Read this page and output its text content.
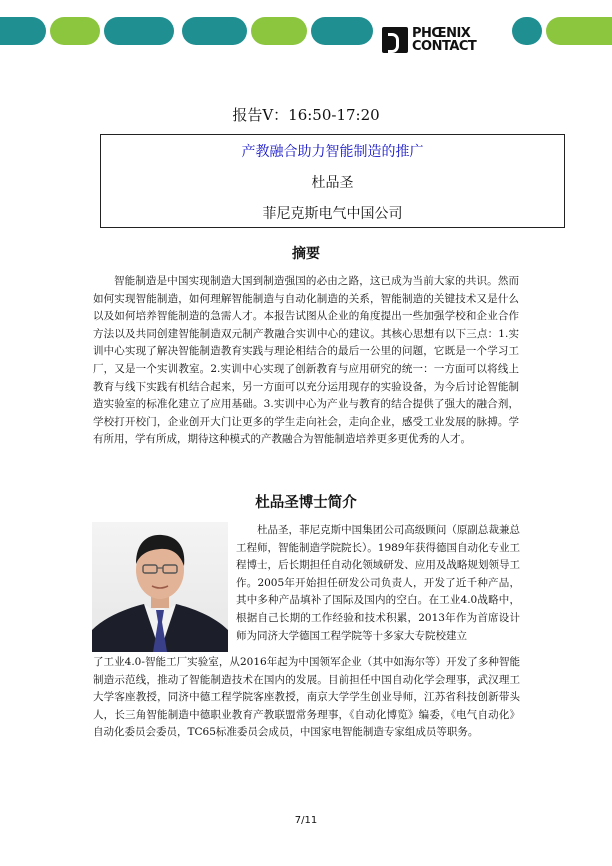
PHŒNIX
CONTACT
报告Ⅴ：16:50-17:20
产教融合助力智能制造的推广
杜品圣
菲尼克斯电气中国公司
摘要

智能制造是中国实现制造大国到制造强国的必由之路，这已成为当前大家的共识。然而如何实现智能制造，如何理解智能制造与自动化制造的关系，智能制造的关键技术又是什么以及如何培养智能制造的急需人才。本报告试图从企业的角度提出一些加强学校和企业合作方法以及共同创建智能制造双元制产教融合实训中心的建议。其核心思想有以下三点：1.实训中心实现了解决智能制造教育实践与理论相结合的最后一公里的问题，它既是一个学习工厂，又是一个实训教室。2.实训中心实现了创新教育与应用研究的统一：一方面可以将线上教育与线下实践有机结合起来，另一方面可以充分运用现存的实验设备，为今后讨论智能制造实验室的标准化建立了应用基础。3.实训中心为产业与教育的结合提供了强大的融合剂，学校打开校门，企业创开大门让更多的学生走向社会，走向企业，感受工业发展的脉搏。学有所用，学有所成，期待这种模式的产教融合为智能制造培养更多更优秀的人才。

杜品圣博士简介

杜品圣，菲尼克斯中国集团公司高级顾问（原副总裁兼总工程师，智能制造学院院长）。1989年获得德国自动化专业工程博士，后长期担任自动化领域研发、应用及战略规划领导工作。2005年开始担任研发公司负责人，开发了近千种产品，其中多种产品填补了国际及国内的空白。在工业4.0战略中，根据自己长期的工作经验和技术积累，2013年作为首席设计师为同济大学德国工程学院等十多家大专院校建立

了工业4.0-智能工厂实验室，从2016年起为中国领军企业（其中如海尔等）开发了多种智能制造示范线，推动了智能制造技术在国内的发展。目前担任中国自动化学会理事，武汉理工大学客座教授，同济中德工程学院客座教授，南京大学学生创业导师，江苏省科技创新带头人，长三角智能制造中德职业教育产教联盟常务理事，《自动化博览》编委，《电气自动化》自动化委员会委员，TC65标准委员会成员，中国家电智能制造专家组成员等职务。

7/11
